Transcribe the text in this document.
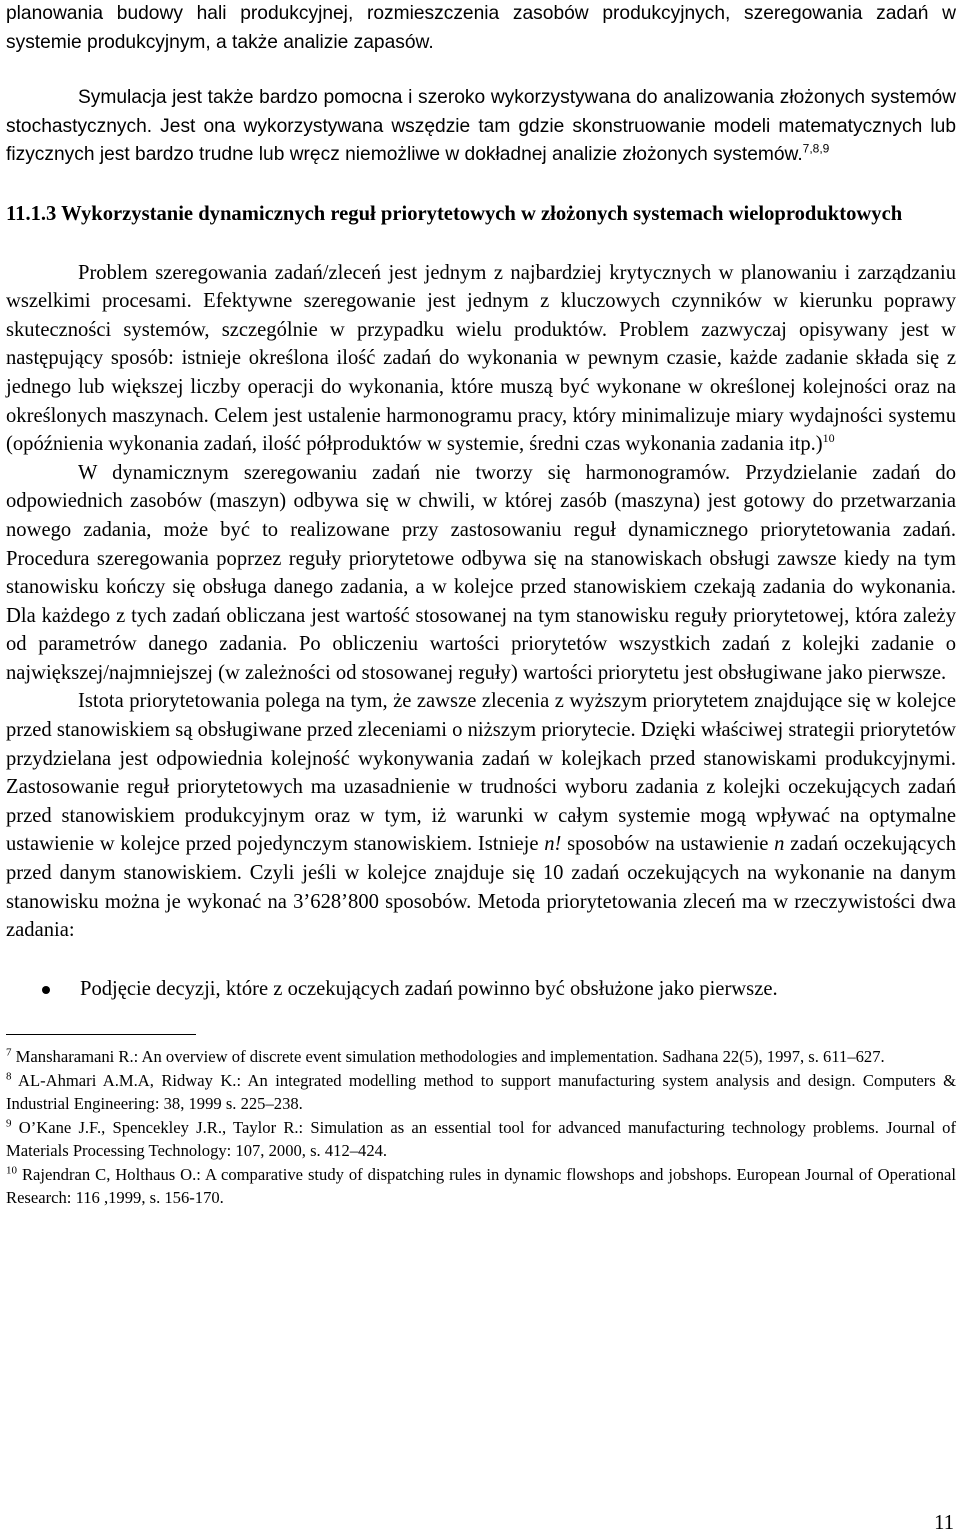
planowania budowy hali produkcyjnej, rozmieszczenia zasobów produkcyjnych, szeregowania zadań w systemie produkcyjnym, a także analizie zapasów.

Symulacja jest także bardzo pomocna i szeroko wykorzystywana do analizowania złożonych systemów stochastycznych. Jest ona wykorzystywana wszędzie tam gdzie skonstruowanie modeli matematycznych lub fizycznych jest bardzo trudne lub wręcz niemożliwe w dokładnej analizie złożonych systemów.$^{7,8,9}$

11.1.3 Wykorzystanie dynamicznych reguł priorytetowych w złożonych systemach wieloproduktowych

Problem szeregowania zadań/zleceń jest jednym z najbardziej krytycznych w planowaniu i zarządzaniu wszelkimi procesami. Efektywne szeregowanie jest jednym z kluczowych czynników w kierunku poprawy skuteczności systemów, szczególnie w przypadku wielu produktów. Problem zazwyczaj opisywany jest w następujący sposób: istnieje określona ilość zadań do wykonania w pewnym czasie, każde zadanie składa się z jednego lub większej liczby operacji do wykonania, które muszą być wykonane w określonej kolejności oraz na określonych maszynach. Celem jest ustalenie harmonogramu pracy, który minimalizuje miary wydajności systemu (opóźnienia wykonania zadań, ilość półproduktów w systemie, średni czas wykonania zadania itp.)$^{10}$

W dynamicznym szeregowaniu zadań nie tworzy się harmonogramów. Przydzielanie zadań do odpowiednich zasobów (maszyn) odbywa się w chwili, w której zasób (maszyna) jest gotowy do przetwarzania nowego zadania, może być to realizowane przy zastosowaniu reguł dynamicznego priorytetowania zadań. Procedura szeregowania poprzez reguły priorytetowe odbywa się na stanowiskach obsługi zawsze kiedy na tym stanowisku kończy się obsługa danego zadania, a w kolejce przed stanowiskiem czekają zadania do wykonania. Dla każdego z tych zadań obliczana jest wartość stosowanej na tym stanowisku reguły priorytetowej, która zależy od parametrów danego zadania. Po obliczeniu wartości priorytetów wszystkich zadań z kolejki zadanie o największej/najmniejszej (w zależności od stosowanej reguły) wartości priorytetu jest obsługiwane jako pierwsze.

Istota priorytetowania polega na tym, że zawsze zlecenia z wyższym priorytetem znajdujące się w kolejce przed stanowiskiem są obsługiwane przed zleceniami o niższym priorytecie. Dzięki właściwej strategii priorytetów przydzielana jest odpowiednia kolejność wykonywania zadań w kolejkach przed stanowiskami produkcyjnymi. Zastosowanie reguł priorytetowych ma uzasadnienie w trudności wyboru zadania z kolejki oczekujących zadań przed stanowiskiem produkcyjnym oraz w tym, iż warunki w całym systemie mogą wpływać na optymalne ustawienie w kolejce przed pojedynczym stanowiskiem. Istnieje n! sposobów na ustawienie n zadań oczekujących przed danym stanowiskiem. Czyli jeśli w kolejce znajduje się 10 zadań oczekujących na wykonanie na danym stanowisku można je wykonać na 3’628’800 sposobów. Metoda priorytetowania zleceń ma w rzeczywistości dwa zadania:

Podjęcie decyzji, które z oczekujących zadań powinno być obsłużone jako pierwsze.

$^7$ Mansharamani R.: An overview of discrete event simulation methodologies and implementation. Sadhana 22(5), 1997, s. 611–627.

$^8$ AL-Ahmari A.M.A, Ridway K.: An integrated modelling method to support manufacturing system analysis and design. Computers & Industrial Engineering: 38, 1999 s. 225–238.

$^9$ O’Kane J.F., Spencekley J.R., Taylor R.: Simulation as an essential tool for advanced manufacturing technology problems. Journal of Materials Processing Technology: 107, 2000, s. 412–424.

$^{10}$ Rajendran C, Holthaus O.: A comparative study of dispatching rules in dynamic flowshops and jobshops. European Journal of Operational Research: 116 ,1999, s. 156-170.

11
